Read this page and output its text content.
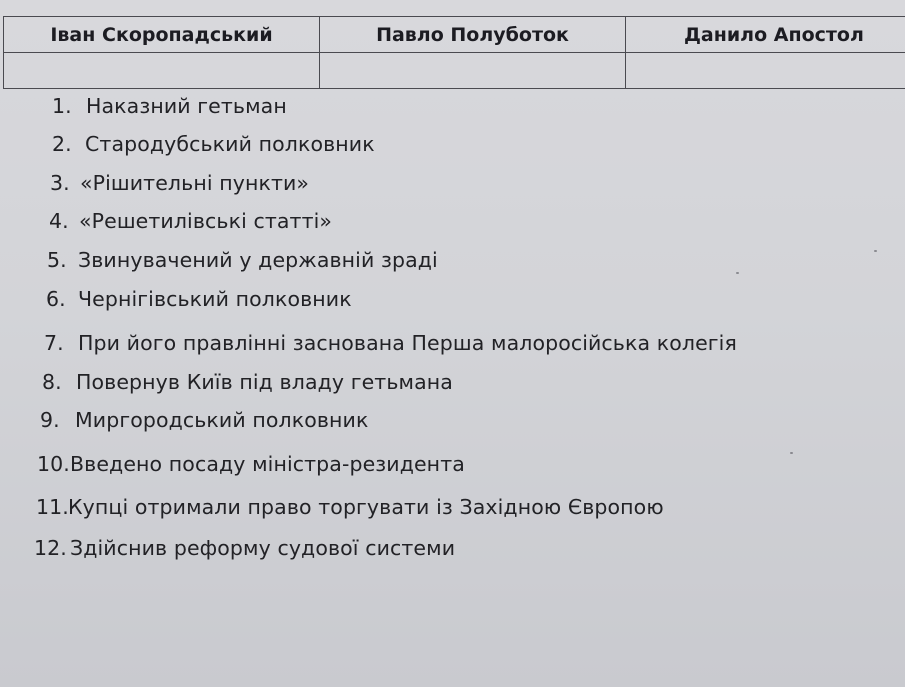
Іван Скоропадський	Павло Полуботок	Данило Апостол

1. Наказний гетьман
2. Стародубський полковник
3. «Рішительні пункти»
4. «Решетилівські статті»
5. Звинувачений у державній зраді
6. Чернігівський полковник
7. При його правлінні заснована Перша малоросійська колегія
8. Повернув Київ під владу гетьмана
9. Миргородський полковник
10.Введено посаду міністра-резидента
11.Купці отримали право торгувати із Західною Європою
12. Здійснив реформу судової системи
